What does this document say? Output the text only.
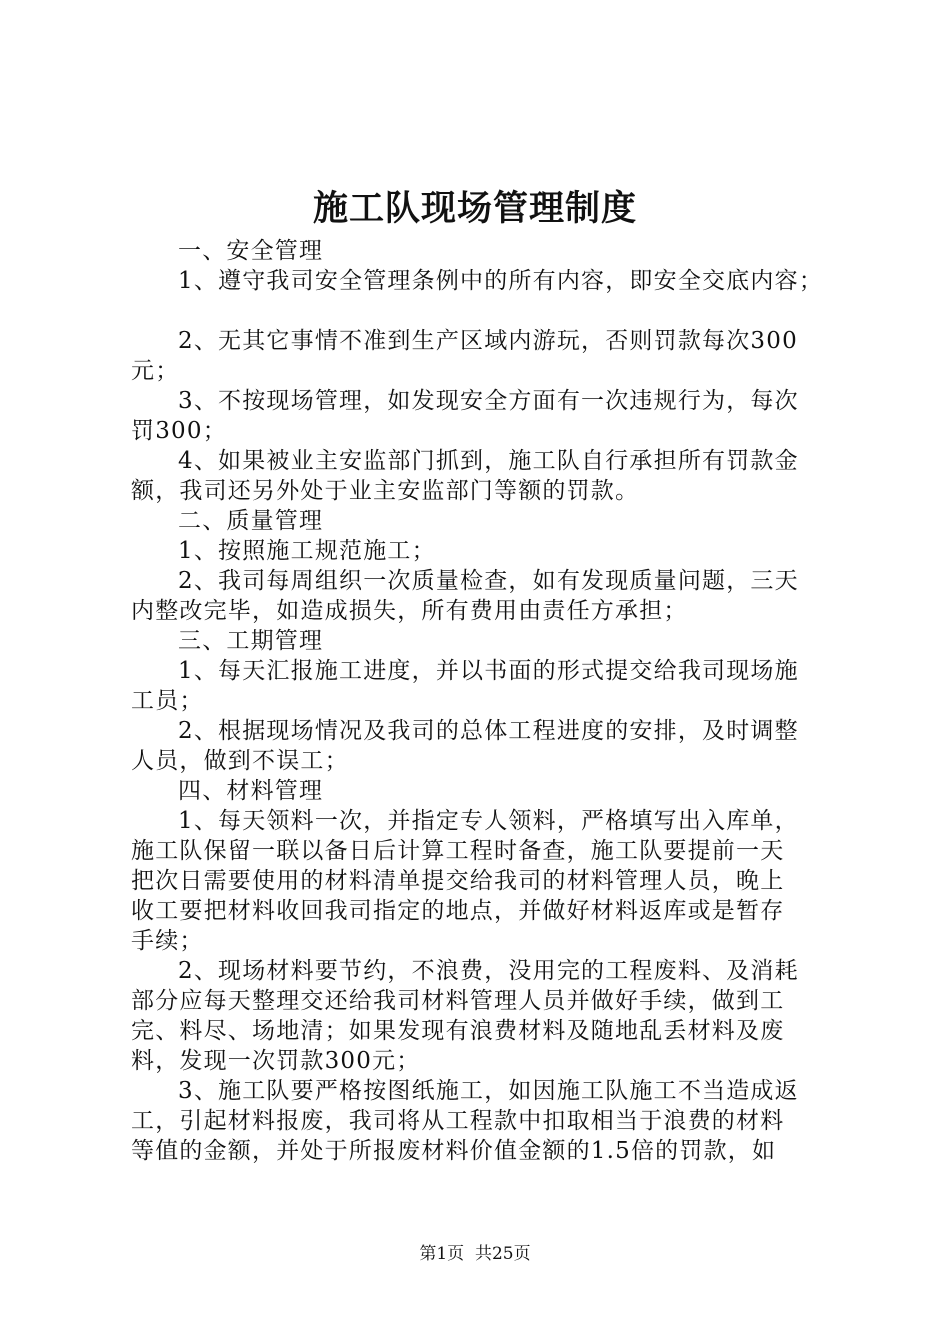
施工队现场管理制度
一、安全管理
1、遵守我司安全管理条例中的所有内容，即安全交底内容；
2、无其它事情不准到生产区域内游玩，否则罚款每次300
元；
3、不按现场管理，如发现安全方面有一次违规行为，每次
罚300；
4、如果被业主安监部门抓到，施工队自行承担所有罚款金
额，我司还另外处于业主安监部门等额的罚款。
二、质量管理
1、按照施工规范施工；
2、我司每周组织一次质量检查，如有发现质量问题，三天
内整改完毕，如造成损失，所有费用由责任方承担；
三、工期管理
1、每天汇报施工进度，并以书面的形式提交给我司现场施
工员；
2、根据现场情况及我司的总体工程进度的安排，及时调整
人员，做到不误工；
四、材料管理
1、每天领料一次，并指定专人领料，严格填写出入库单，
施工队保留一联以备日后计算工程时备查，施工队要提前一天
把次日需要使用的材料清单提交给我司的材料管理人员，晚上
收工要把材料收回我司指定的地点，并做好材料返库或是暂存
手续；
2、现场材料要节约，不浪费，没用完的工程废料、及消耗
部分应每天整理交还给我司材料管理人员并做好手续，做到工
完、料尽、场地清；如果发现有浪费材料及随地乱丢材料及废
料，发现一次罚款300元；
3、施工队要严格按图纸施工，如因施工队施工不当造成返
工，引起材料报废，我司将从工程款中扣取相当于浪费的材料
等值的金额，并处于所报废材料价值金额的1.5倍的罚款，如
第1页  共25页
